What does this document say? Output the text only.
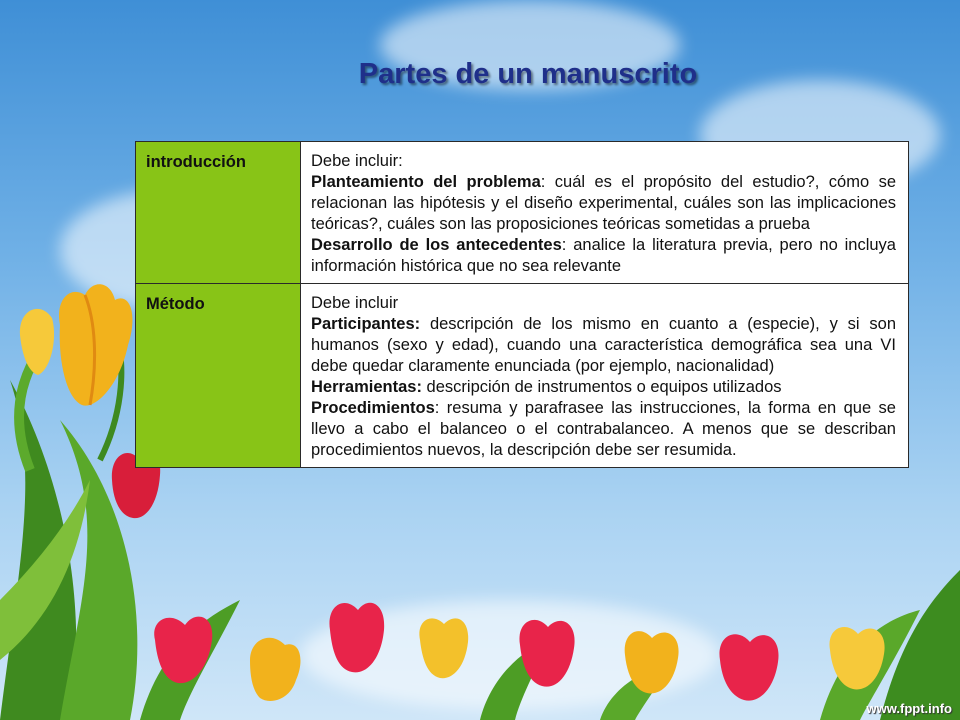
Partes de un manuscrito
introducción	Debe incluir:

Planteamiento del problema: cuál es el propósito del estudio?, cómo se relacionan las hipótesis y el diseño experimental, cuáles son las implicaciones teóricas?, cuáles son las proposiciones teóricas sometidas a prueba

Desarrollo de los antecedentes: analice la literatura previa, pero no incluya información histórica que no sea relevante

Método	Debe incluir

Participantes: descripción de los mismo en cuanto a (especie), y si son humanos (sexo y edad), cuando una característica demográfica sea una VI debe quedar claramente enunciada (por ejemplo, nacionalidad)

Herramientas: descripción de instrumentos o equipos utilizados

Procedimientos: resuma y parafrasee las instrucciones, la forma en que se llevo a cabo el balanceo o el contrabalanceo. A menos que se describan procedimientos nuevos, la descripción debe ser resumida.

www.fppt.info
